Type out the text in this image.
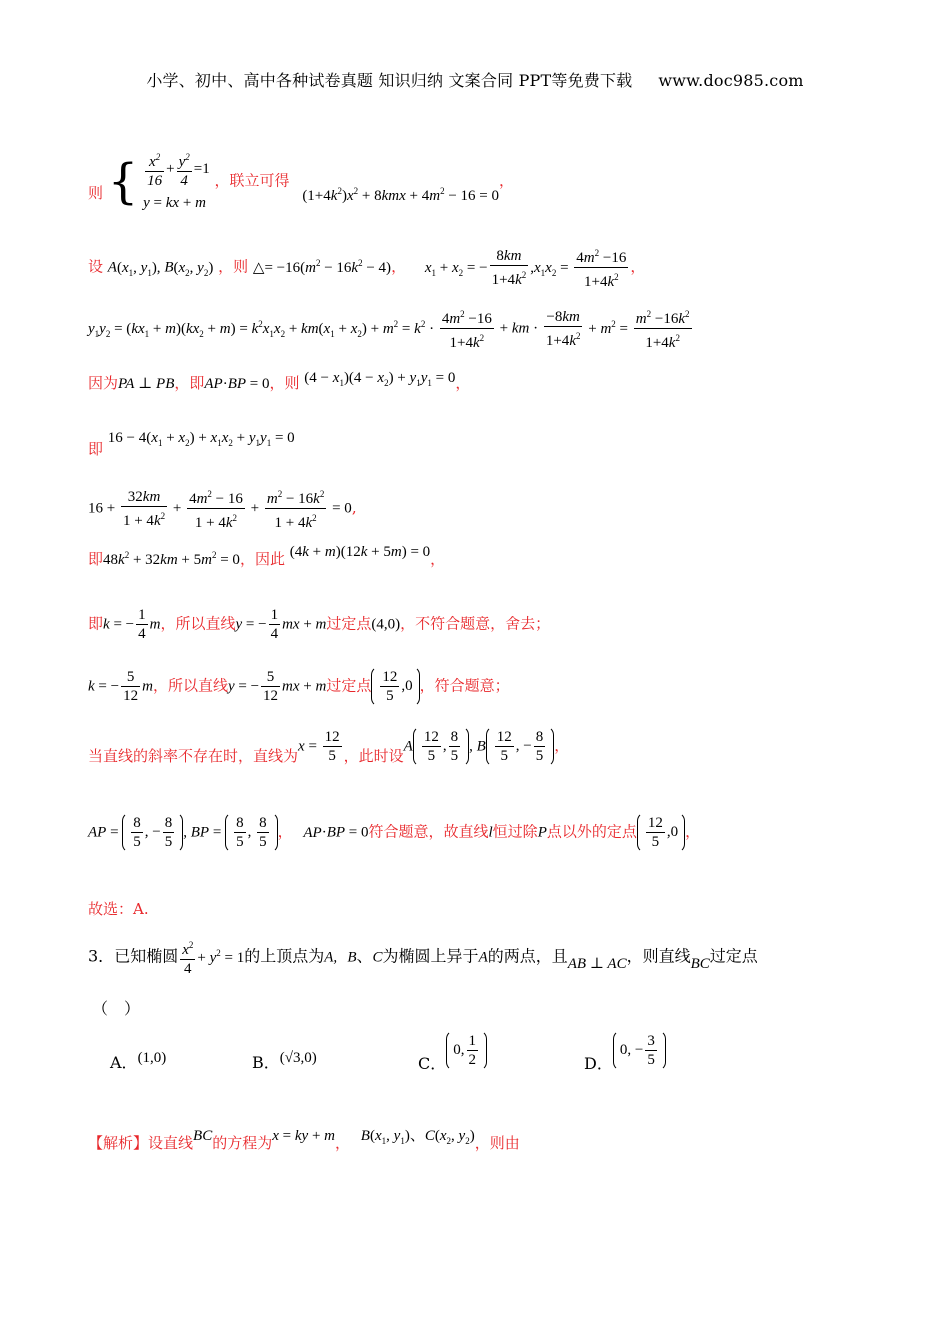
小学、初中、高中各种试卷真题 知识归纳 文案合同 PPT等免费下载 www.doc985.com
则 { $\frac{x^2}{16} + \frac{y^2}{4} =1$
y = kx + m
，联立可得 $(1+4k^2)x^2 + 8kmx + 4m^2 - 16 = 0$，
设 $A(x_1$, $y_1$), $B(x_2$, $y_2$) ，则 △= $-16(m^2 - 16k^2 - 4)$， $x_1 + x_2$ = − $\frac{8km}{1+4k^2} ,x_1x_2 = \frac{4m^2 -16}{1+4k^2}$ ，
$y_1y_2 = (kx_1 + m)(kx_2 + m) = k^2x_1x_2 + km(x_1 + x_2) + m^2 = k^2 \cdot \frac{4m^2 -16}{1+4k^2}$ + km · $\frac{-8km}{1+4k^2} + m^2 = \frac{m^2 -16k^2}{1+4k^2}$
因为PA ⊥ PB，即AP·BP = 0，则 $(4 - x_1)(4 - x_2) + y_1y_1 = 0$，
即 $16 - 4(x_1 + x_2) + x_1x_2 + y_1y_1 = 0$
$16 + \frac{32km}{1 + 4k^2} + \frac{4m^2 - 16}{1 + 4k^2} + \frac{m^2 - 16k^2}{1 + 4k^2} = 0$,
即$48k^2 + 32km + 5m^2 = 0$，因此 (4k + m)(12k + 5m) = 0，
即k = − $\frac{1}{4}$ m，所以直线y = − $\frac{1}{4}$ mx + m过定点(4,0)，不符合题意，舍去；
k = − $\frac{5}{12}$ m，所以直线y = − $\frac{5}{12}$ mx + m过定点 $\frac{12}{5} ,0$ ，符合题意；
当直线的斜率不存在时，直线为$x = \frac{12}{5}$ ，此时设A $\frac{12}{5}$ , $\frac{8}{5}$ , B $\frac{12}{5}$ , − $\frac{8}{5}$ ，
AP = $\frac{8}{5}$ , − $\frac{8}{5}$ , BP = $\frac{8}{5}$ , $\frac{8}{5}$ ， AP·BP = 0符合题意，故直线l恒过除P点以外的定点 $\frac{12}{5} ,0$ ，
故选：A.
3．已知椭圆 $\frac{x^2}{4} + y^2 = 1$的上顶点为A, B、C为椭圆上异于A的两点，且AB ⊥ AC，则直线BC过定点
（　）
A．(1,0)	B．(√3,0)	C．0, $\frac{1}{2}$	D．0, − $\frac{3}{5}$
【解析】设直线BC的方程为x = ky + m， $B(x_1$, $y_1$)、$C(x_2$, $y_2$)，则由
